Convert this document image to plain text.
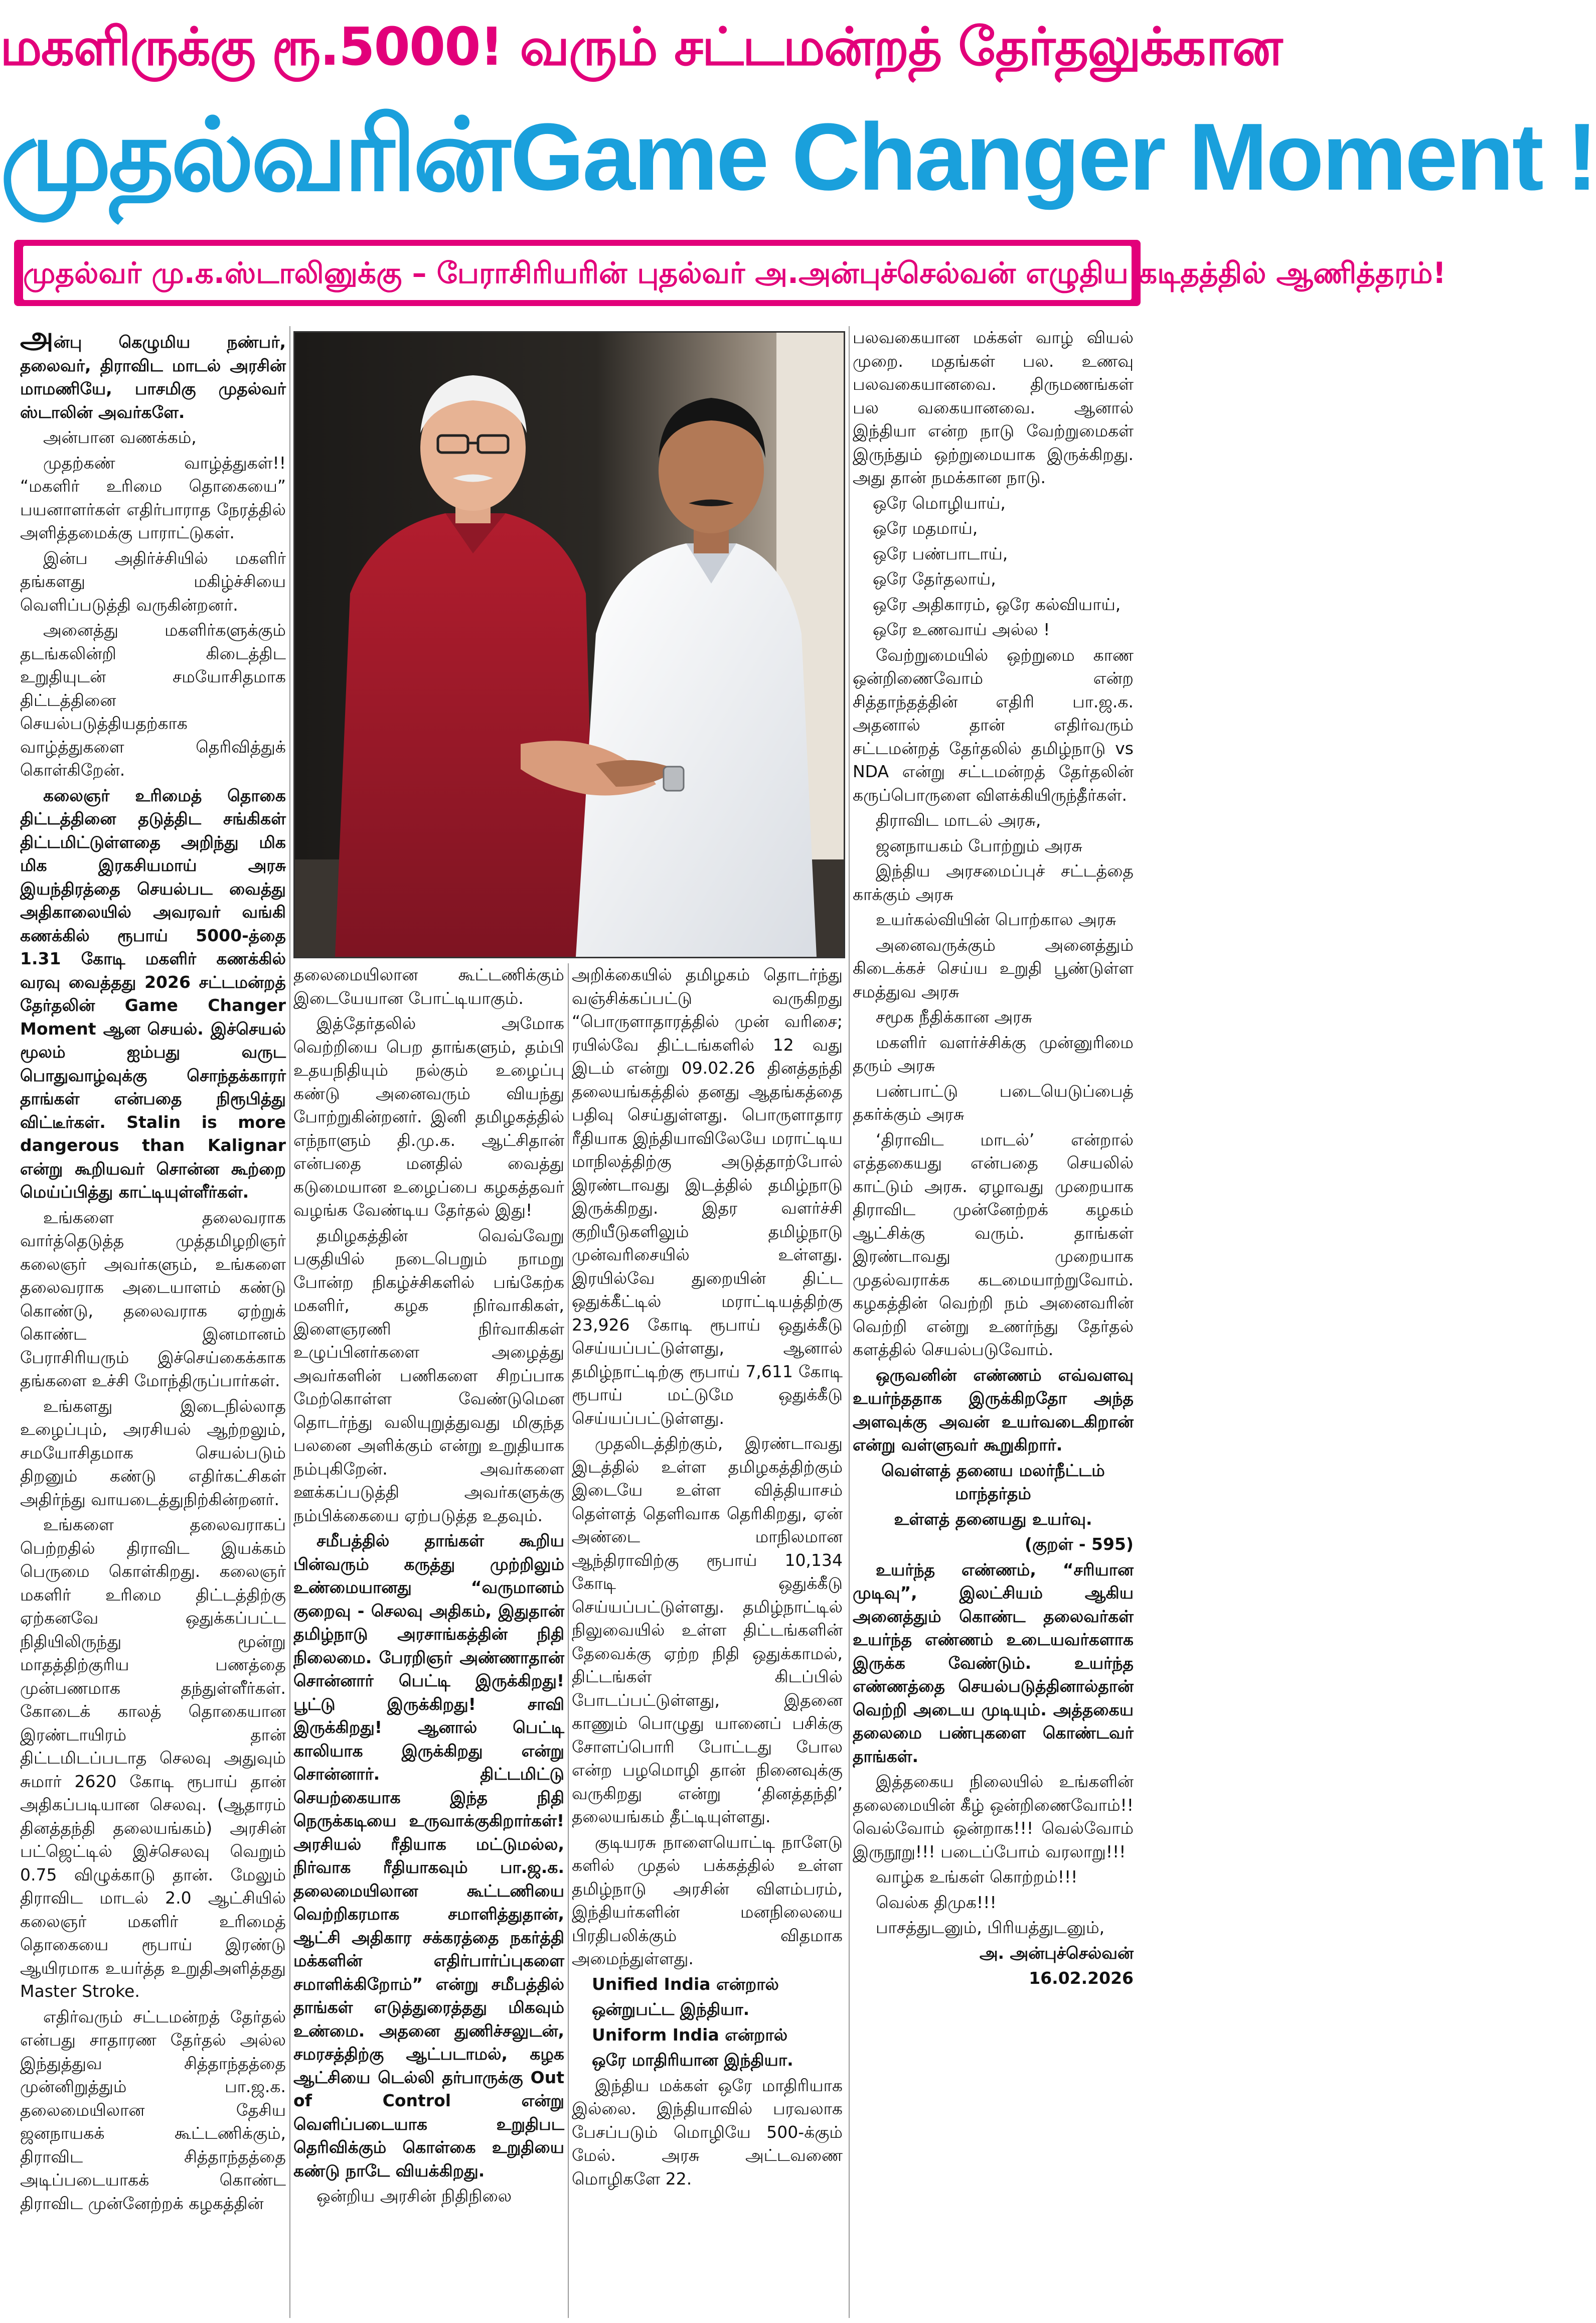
மகளிருக்கு ரூ.5000! வரும் சட்டமன்றத் தேர்தலுக்கான
முதல்வரின் Game Changer Moment !
முதல்வர் மு.க.ஸ்டாலினுக்கு – பேராசிரியரின் புதல்வர் அ.அன்புச்செல்வன் எழுதிய கடிதத்தில் ஆணித்தரம்!

அன்பு கெழுமிய நண்பர், தலைவர், திராவிட மாடல் அரசின் மாமணியே, பாசமிகு முதல்வர் ஸ்டாலின் அவர்களே.

அன்பான வணக்கம்,

முதற்கண் வாழ்த்துகள்!! “மகளிர் உரிமை தொகையை” பயனாளர்கள் எதிர்பாராத நேரத்தில் அளித்தமைக்கு பாராட்டுகள்.

இன்ப அதிர்ச்சியில் மகளிர் தங்களது மகிழ்ச்சியை வெளிப்படுத்தி வருகின்றனர்.

அனைத்து மகளிர்களுக்கும் தடங்கலின்றி கிடைத்திட உறுதியுடன் சமயோசிதமாக திட்டத்தினை செயல்படுத்தியதற்காக வாழ்த்துகளை தெரிவித்துக் கொள்கிறேன்.

கலைஞர் உரிமைத் தொகை திட்டத்தினை தடுத்திட சங்கிகள் திட்டமிட்டுள்ளதை அறிந்து மிக மிக இரகசியமாய் அரசு இயந்திரத்தை செயல்பட வைத்து அதிகாலையில் அவரவர் வங்கி கணக்கில் ரூபாய் 5000-த்தை 1.31 கோடி மகளிர் கணக்கில் வரவு வைத்தது 2026 சட்டமன்றத் தேர்தலின் Game Changer Moment ஆன செயல். இச்செயல் மூலம் ஐம்பது வருட பொதுவாழ்வுக்கு சொந்தக்காரர் தாங்கள் என்பதை நிரூபித்து விட்டீர்கள். Stalin is more dangerous than Kalignar என்று கூறியவர் சொன்ன கூற்றை மெய்ப்பித்து காட்டியுள்ளீர்கள்.

உங்களை தலைவராக வார்த்தெடுத்த முத்தமிழறிஞர் கலைஞர் அவர்களும், உங்களை தலைவராக அடையாளம் கண்டு கொண்டு, தலைவராக ஏற்றுக் கொண்ட இனமானம் பேராசிரியரும் இச்செய்கைக்காக தங்களை உச்சி மோந்திருப்பார்கள்.

உங்களது இடைநில்லாத உழைப்பும், அரசியல் ஆற்றலும், சமயோசிதமாக செயல்படும் திறனும் கண்டு எதிர்கட்சிகள் அதிர்ந்து வாயடைத்துநிற்கின்றனர்.

உங்களை தலைவராகப் பெற்றதில் திராவிட இயக்கம் பெருமை கொள்கிறது. கலைஞர் மகளிர் உரிமை திட்டத்திற்கு ஏற்கனவே ஒதுக்கப்பட்ட நிதியிலிருந்து மூன்று மாதத்திற்குரிய பணத்தை முன்பணமாக தந்துள்ளீர்கள். கோடைக் காலத் தொகையான இரண்டாயிரம் தான் திட்டமிடப்படாத செலவு அதுவும் சுமார் 2620 கோடி ரூபாய் தான் அதிகப்படியான செலவு. (ஆதாரம் தினத்தந்தி தலையங்கம்) அரசின் பட்ஜெட்டில் இச்செலவு வெறும் 0.75 விழுக்காடு தான். மேலும் திராவிட மாடல் 2.0 ஆட்சியில் கலைஞர் மகளிர் உரிமைத் தொகையை ரூபாய் இரண்டு ஆயிரமாக உயர்த்த உறுதிஅளித்தது Master Stroke.

எதிர்வரும் சட்டமன்றத் தேர்தல் என்பது சாதாரண தேர்தல் அல்ல இந்துத்துவ சித்தாந்தத்தை முன்னிறுத்தும் பா.ஜ.க. தலைமையிலான தேசிய ஜனநாயகக் கூட்டணிக்கும், திராவிட சித்தாந்தத்தை அடிப்படையாகக் கொண்ட திராவிட முன்னேற்றக் கழகத்தின்

தலைமையிலான கூட்டணிக்கும் இடையேயான போட்டியாகும்.

இத்தேர்தலில் அமோக வெற்றியை பெற தாங்களும், தம்பி உதயநிதியும் நல்கும் உழைப்பு கண்டு அனைவரும் வியந்து போற்றுகின்றனர். இனி தமிழகத்தில் எந்நாளும் தி.மு.க. ஆட்சிதான் என்பதை மனதில் வைத்து கடுமையான உழைப்பை கழகத்தவர் வழங்க வேண்டிய தேர்தல் இது!

தமிழகத்தின் வெவ்வேறு பகுதியில் நடைபெறும் நாமறு போன்ற நிகழ்ச்சிகளில் பங்கேற்க மகளிர், கழக நிர்வாகிகள், இளைஞரணி நிர்வாகிகள் உழுப்பினர்களை அழைத்து அவர்களின் பணிகளை சிறப்பாக மேற்கொள்ள வேண்டுமென தொடர்ந்து வலியுறுத்துவது மிகுந்த பலனை அளிக்கும் என்று உறுதியாக நம்புகிறேன். அவர்களை ஊக்கப்படுத்தி அவர்களுக்கு நம்பிக்கையை ஏற்படுத்த உதவும்.

சமீபத்தில் தாங்கள் கூறிய பின்வரும் கருத்து முற்றிலும் உண்மையானது “வருமானம் குறைவு - செலவு அதிகம், இதுதான் தமிழ்நாடு அரசாங்கத்தின் நிதி நிலைமை. பேரறிஞர் அண்ணாதான் சொன்னார் பெட்டி இருக்கிறது! பூட்டு இருக்கிறது! சாவி இருக்கிறது! ஆனால் பெட்டி காலியாக இருக்கிறது என்று சொன்னார். திட்டமிட்டு செயற்கையாக இந்த நிதி நெருக்கடியை உருவாக்குகிறார்கள்! அரசியல் ரீதியாக மட்டுமல்ல, நிர்வாக ரீதியாகவும் பா.ஜ.க. தலைமையிலான கூட்டணியை வெற்றிகரமாக சமாளித்துதான், ஆட்சி அதிகார சக்கரத்தை நகர்த்தி மக்களின் எதிர்பார்ப்புகளை சமாளிக்கிறோம்” என்று சமீபத்தில் தாங்கள் எடுத்துரைத்தது மிகவும் உண்மை. அதனை துணிச்சலுடன், சமரசத்திற்கு ஆட்படாமல், கழக ஆட்சியை டெல்லி தர்பாருக்கு Out of Control என்று வெளிப்படையாக உறுதிபட தெரிவிக்கும் கொள்கை உறுதியை கண்டு நாடே வியக்கிறது.

ஒன்றிய அரசின் நிதிநிலை

அறிக்கையில் தமிழகம் தொடர்ந்து வஞ்சிக்கப்பட்டு வருகிறது “பொருளாதாரத்தில் முன் வரிசை; ரயில்வே திட்டங்களில் 12 வது இடம் என்று 09.02.26 தினத்தந்தி தலையங்கத்தில் தனது ஆதங்கத்தை பதிவு செய்துள்ளது. பொருளாதார ரீதியாக இந்தியாவிலேயே மராட்டிய மாநிலத்திற்கு அடுத்தாற்போல் இரண்டாவது இடத்தில் தமிழ்நாடு இருக்கிறது. இதர வளர்ச்சி குறியீடுகளிலும் தமிழ்நாடு முன்வரிசையில் உள்ளது. இரயில்வே துறையின் திட்ட ஒதுக்கீட்டில் மராட்டியத்திற்கு 23,926 கோடி ரூபாய் ஒதுக்கீடு செய்யப்பட்டுள்ளது, ஆனால் தமிழ்நாட்டிற்கு ரூபாய் 7,611 கோடி ரூபாய் மட்டுமே ஒதுக்கீடு செய்யப்பட்டுள்ளது.

முதலிடத்திற்கும், இரண்டாவது இடத்தில் உள்ள தமிழகத்திற்கும் இடையே உள்ள வித்தியாசம் தெள்ளத் தெளிவாக தெரிகிறது, ஏன் அண்டை மாநிலமான ஆந்திராவிற்கு ரூபாய் 10,134 கோடி ஒதுக்கீடு செய்யப்பட்டுள்ளது. தமிழ்நாட்டில் நிலுவையில் உள்ள திட்டங்களின் தேவைக்கு ஏற்ற நிதி ஒதுக்காமல், திட்டங்கள் கிடப்பில் போடப்பட்டுள்ளது, இதனை காணும் பொழுது யானைப் பசிக்கு சோளப்பொரி போட்டது போல என்ற பழமொழி தான் நினைவுக்கு வருகிறது என்று ‘தினத்தந்தி’ தலையங்கம் தீட்டியுள்ளது.

குடியரசு நாளையொட்டி நாளேடு களில் முதல் பக்கத்தில் உள்ள தமிழ்நாடு அரசின் விளம்பரம், இந்தியர்களின் மனநிலையை பிரதிபலிக்கும் விதமாக அமைந்துள்ளது.

Unified India என்றால்

ஒன்றுபட்ட இந்தியா.

Uniform India என்றால்

ஒரே மாதிரியான இந்தியா.

இந்திய மக்கள் ஒரே மாதிரியாக இல்லை. இந்தியாவில் பரவலாக பேசப்படும் மொழியே 500-க்கும் மேல். அரசு அட்டவணை மொழிகளே 22.

பலவகையான மக்கள் வாழ் வியல் முறை. மதங்கள் பல. உணவு பலவகையானவை. திருமணங்கள் பல வகையானவை. ஆனால் இந்தியா என்ற நாடு வேற்றுமைகள் இருந்தும் ஒற்றுமையாக இருக்கிறது. அது தான் நமக்கான நாடு.

ஒரே மொழியாய்,

ஒரே மதமாய்,

ஒரே பண்பாடாய்,

ஒரே தேர்தலாய்,

ஒரே அதிகாரம், ஒரே கல்வியாய்,

ஒரே உணவாய் அல்ல !

வேற்றுமையில் ஒற்றுமை காண ஒன்றிணைவோம் என்ற சித்தாந்தத்தின் எதிரி பா.ஜ.க. அதனால் தான் எதிர்வரும் சட்டமன்றத் தேர்தலில் தமிழ்நாடு vs NDA என்று சட்டமன்றத் தேர்தலின் கருப்பொருளை விளக்கியிருந்தீர்கள்.

திராவிட மாடல் அரசு,

ஜனநாயகம் போற்றும் அரசு

இந்திய அரசமைப்புச் சட்டத்தை காக்கும் அரசு

உயர்கல்வியின் பொற்கால அரசு

அனைவருக்கும் அனைத்தும் கிடைக்கச் செய்ய உறுதி பூண்டுள்ள சமத்துவ அரசு

சமூக நீதிக்கான அரசு

மகளிர் வளர்ச்சிக்கு முன்னுரிமை தரும் அரசு

பண்பாட்டு படையெடுப்பைத் தகர்க்கும் அரசு

‘திராவிட மாடல்’ என்றால் எத்தகையது என்பதை செயலில் காட்டும் அரசு. ஏழாவது முறையாக திராவிட முன்னேற்றக் கழகம் ஆட்சிக்கு வரும். தாங்கள் இரண்டாவது முறையாக முதல்வராக்க கடமையாற்றுவோம். கழகத்தின் வெற்றி நம் அனைவரின் வெற்றி என்று உணர்ந்து தேர்தல் களத்தில் செயல்படுவோம்.

ஒருவனின் எண்ணம் எவ்வளவு உயர்ந்ததாக இருக்கிறதோ அந்த அளவுக்கு அவன் உயர்வடைகிறான் என்று வள்ளுவர் கூறுகிறார்.

வெள்ளத் தனைய மலர்நீட்டம் மாந்தர்தம்

உள்ளத் தனையது உயர்வு.

(குறள் - 595)

உயர்ந்த எண்ணம், “சரியான முடிவு”, இலட்சியம் ஆகிய அனைத்தும் கொண்ட தலைவர்கள் உயர்ந்த எண்ணம் உடையவர்களாக இருக்க வேண்டும். உயர்ந்த எண்ணத்தை செயல்படுத்தினால்தான் வெற்றி அடைய முடியும். அத்தகைய தலைமை பண்புகளை கொண்டவர் தாங்கள்.

இத்தகைய நிலையில் உங்களின் தலைமையின் கீழ் ஒன்றிணைவோம்!! வெல்வோம் ஒன்றாக!!! வெல்வோம் இருநூறு!!! படைப்போம் வரலாறு!!!

வாழ்க உங்கள் கொற்றம்!!!

வெல்க திமுக!!!

பாசத்துடனும், பிரியத்துடனும்,

அ. அன்புச்செல்வன்

16.02.2026
